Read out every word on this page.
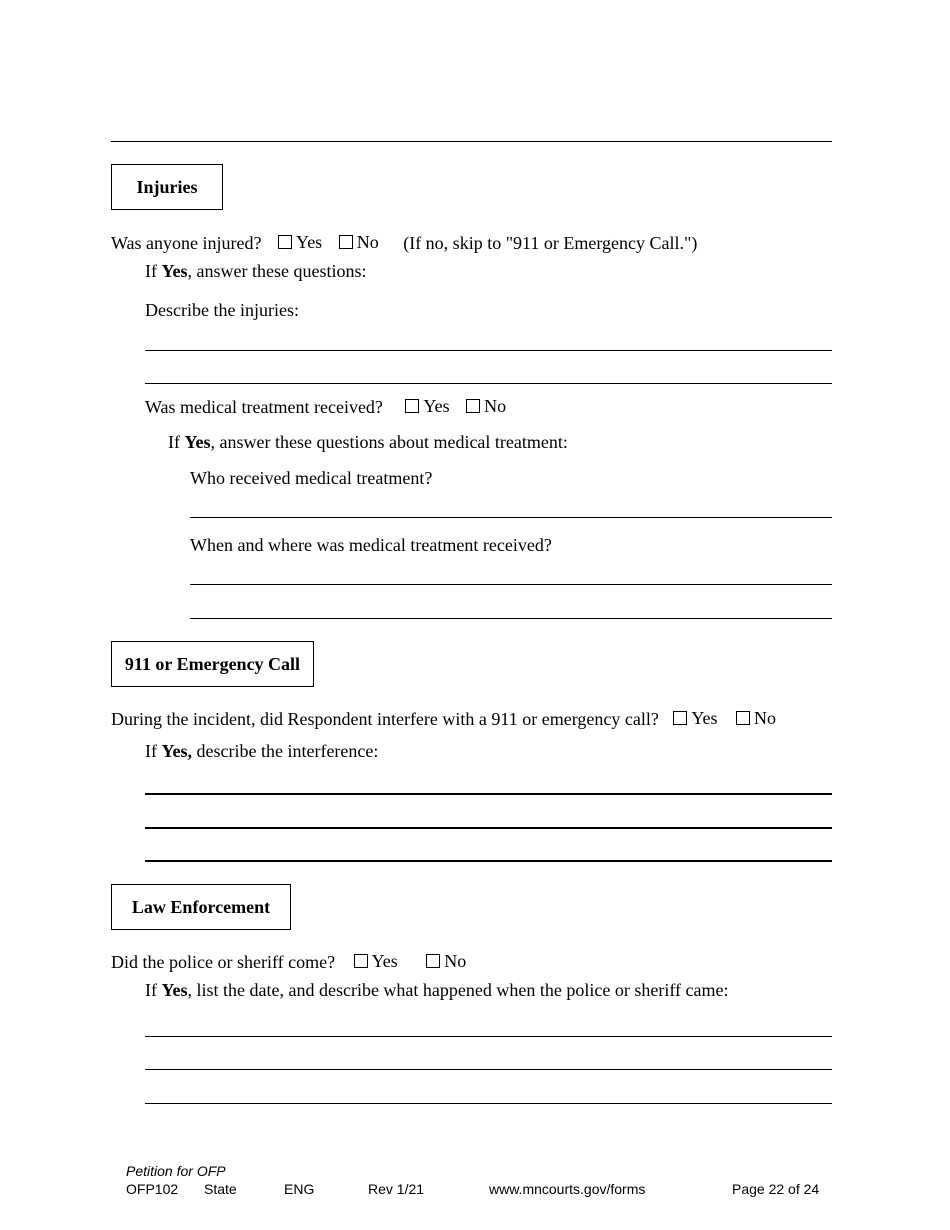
Injuries
Was anyone injured? Yes
No (If no, skip to "911 or Emergency Call.")
If Yes, answer these questions:
Describe the injuries:
Was medical treatment received? Yes
No
If Yes, answer these questions about medical treatment:
Who received medical treatment?
When and where was medical treatment received?
911 or Emergency Call
During the incident, did Respondent interfere with a 911 or emergency call? Yes
No
If Yes, describe the interference:
Law Enforcement
Did the police or sheriff come? Yes
	No
If Yes, list the date, and describe what happened when the police or sheriff came:
Petition for OFP
OFP102 State	ENG	Rev 1/21	www.mncourts.gov/forms	Page 22 of 24
